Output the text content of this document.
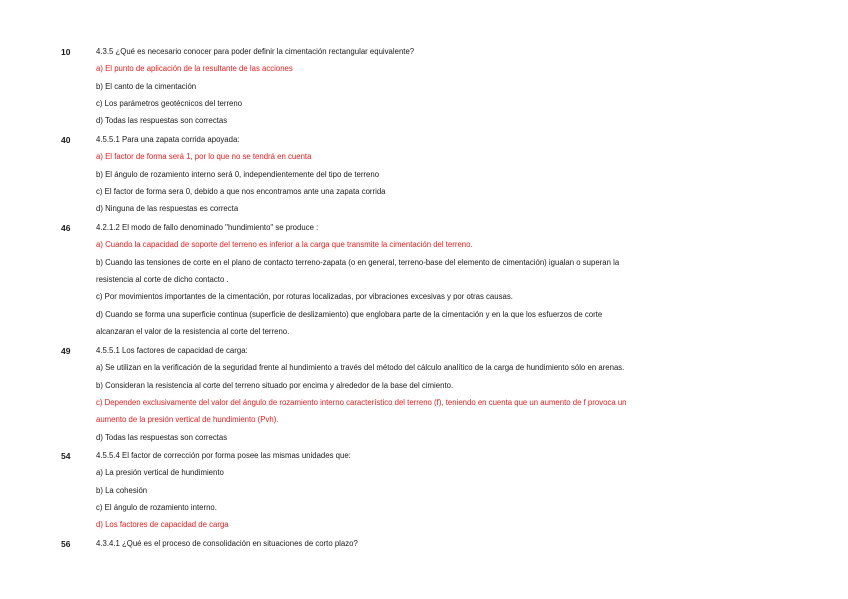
10	4.3.5 ¿Qué es necesario conocer para poder definir la cimentación rectangular equivalente?
a) El punto de aplicación de la resultante de las acciones
b) El canto de la cimentación
c) Los parámetros geotécnicos del terreno
d) Todas las respuestas son correctas
40	4.5.5.1 Para una zapata corrida apoyada:
a) El factor de forma será 1, por lo que no se tendrá en cuenta
b) El ángulo de rozamiento interno será 0, independientemente del tipo de terreno
c) El factor de forma sera 0, debido a que nos encontramos ante una zapata corrida
d) Ninguna de las respuestas es correcta
46	4.2.1.2 El modo de fallo denominado "hundimiento" se produce :
a) Cuando la capacidad de soporte del terreno es inferior a la carga que transmite la cimentación del terreno.
b) Cuando las tensiones de corte en el plano de contacto terreno-zapata (o en general, terreno-base del elemento de cimentación) igualan o superan la
resistencia al corte de dicho contacto .
c) Por movimientos importantes de la cimentación, por roturas localizadas, por vibraciones excesivas y por otras causas.
d) Cuando se forma una superficie continua (superficie de deslizamiento) que englobara parte de la cimentación y en la que los esfuerzos de corte
alcanzaran el valor de la resistencia al corte del terreno.
49	4.5.5.1 Los factores de capacidad de carga:
a) Se utilizan en la verificación de la seguridad frente al hundimiento a través del método del cálculo analítico de la carga de hundimiento sólo en arenas.
b) Consideran la resistencia al corte del terreno situado por encima y alrededor de la base del cimiento.
c) Dependen exclusivamente del valor del ángulo de rozamiento interno característico del terreno (f), teniendo en cuenta que un aumento de f provoca un
aumento de la presión vertical de hundimiento (Pvh).
d) Todas las respuestas son correctas
54	4.5.5.4 El factor de corrección por forma posee las mismas unidades que:
a) La presión vertical de hundimiento
b) La cohesión
c) El ángulo de rozamiento interno.
d) Los factores de capacidad de carga
56	4.3.4.1 ¿Qué es el proceso de consolidación en situaciones de corto plazo?
